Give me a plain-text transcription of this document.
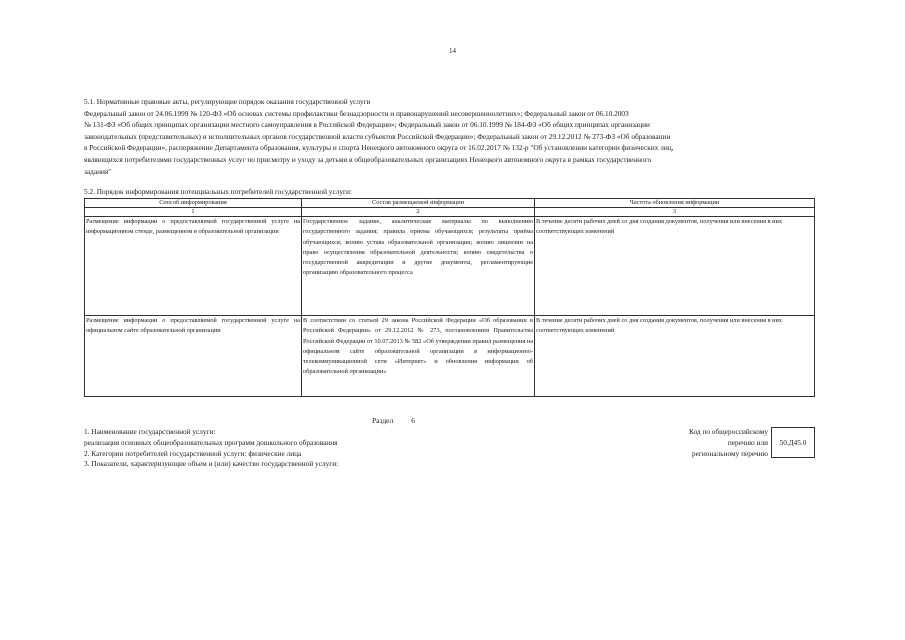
14

5.1. Нормативные правовые акты, регулирующие порядок оказания государственной услуги

Федеральный закон от 24.06.1999 № 120-ФЗ «Об основах системы профилактики безнадзорности и правонарушений несовершеннолетних»; Федеральный закон от 06.10.2003

№ 131-ФЗ «Об общих принципах организации местного самоуправления в Российской Федерации»; Федеральный закон от 06.10.1999 № 184-ФЗ «Об общих принципах организации

законодательных (представительных) и исполнительных органов государственной власти субъектов Российской Федерации»; Федеральный закон от 29.12.2012 № 273-ФЗ «Об образовании

в Российской Федерации», распоряжение Департамента образования, культуры и спорта Ненецкого автономного округа от 16.02.2017 № 132-р "Об установлении категории физических лиц,

являющихся потребителями государственных услуг по присмотру и уходу за детьми в общеобразовательных организациях Ненецкого автономного округа в рамках государственного

задания"

5.2. Порядок информирования потенциальных потребителей государственной услуги:
Способ информирования	Состав размещаемой информации	Частота обновления информации
1	2	3
Размещение информации о предоставляемой государственной услуге на информационном стенде, размещенном в образовательной организации	Государственное задание, аналитические материалы по выполнению государственного задания; правила приема обучающихся; результаты приёма обучающихся; копию устава образовательной организации; копию лицензии на право осуществления образовательной деятельности; копию свидетельства о государственной аккредитации и другие документы, регламентирующие организацию образовательного процесса	В течение десяти рабочих дней со дня создания документов, получения или внесения в них соответствующих изменений
Размещение информации о предоставляемой государственной услуге на официальном сайте образовательной организации	В соответствии со статьей 29 закона Российской Федерации «Об образовании в Российской Федерации» от 29.12.2012 № 273, постановлением Правительства Российской Федерации от 10.07.2013 № 582 «Об утверждении правил размещения на официальном сайте образовательной организации в информационно-телекоммуникационной сети «Интернет» и обновления информации об образовательной организации»	В течение десяти рабочих дней со дня создания документов, получения или внесения в них соответствующих изменений
Раздел 6
1. Наименование государственной услуги:
реализация основных общеобразовательных программ дошкольного образования
2. Категории потребителей государственной услуги: физические лица
3. Показатели, характеризующие объем и (или) качество государственной услуги:
Код по общероссийскому
перечню или
региональному перечню
50.Д45.0
